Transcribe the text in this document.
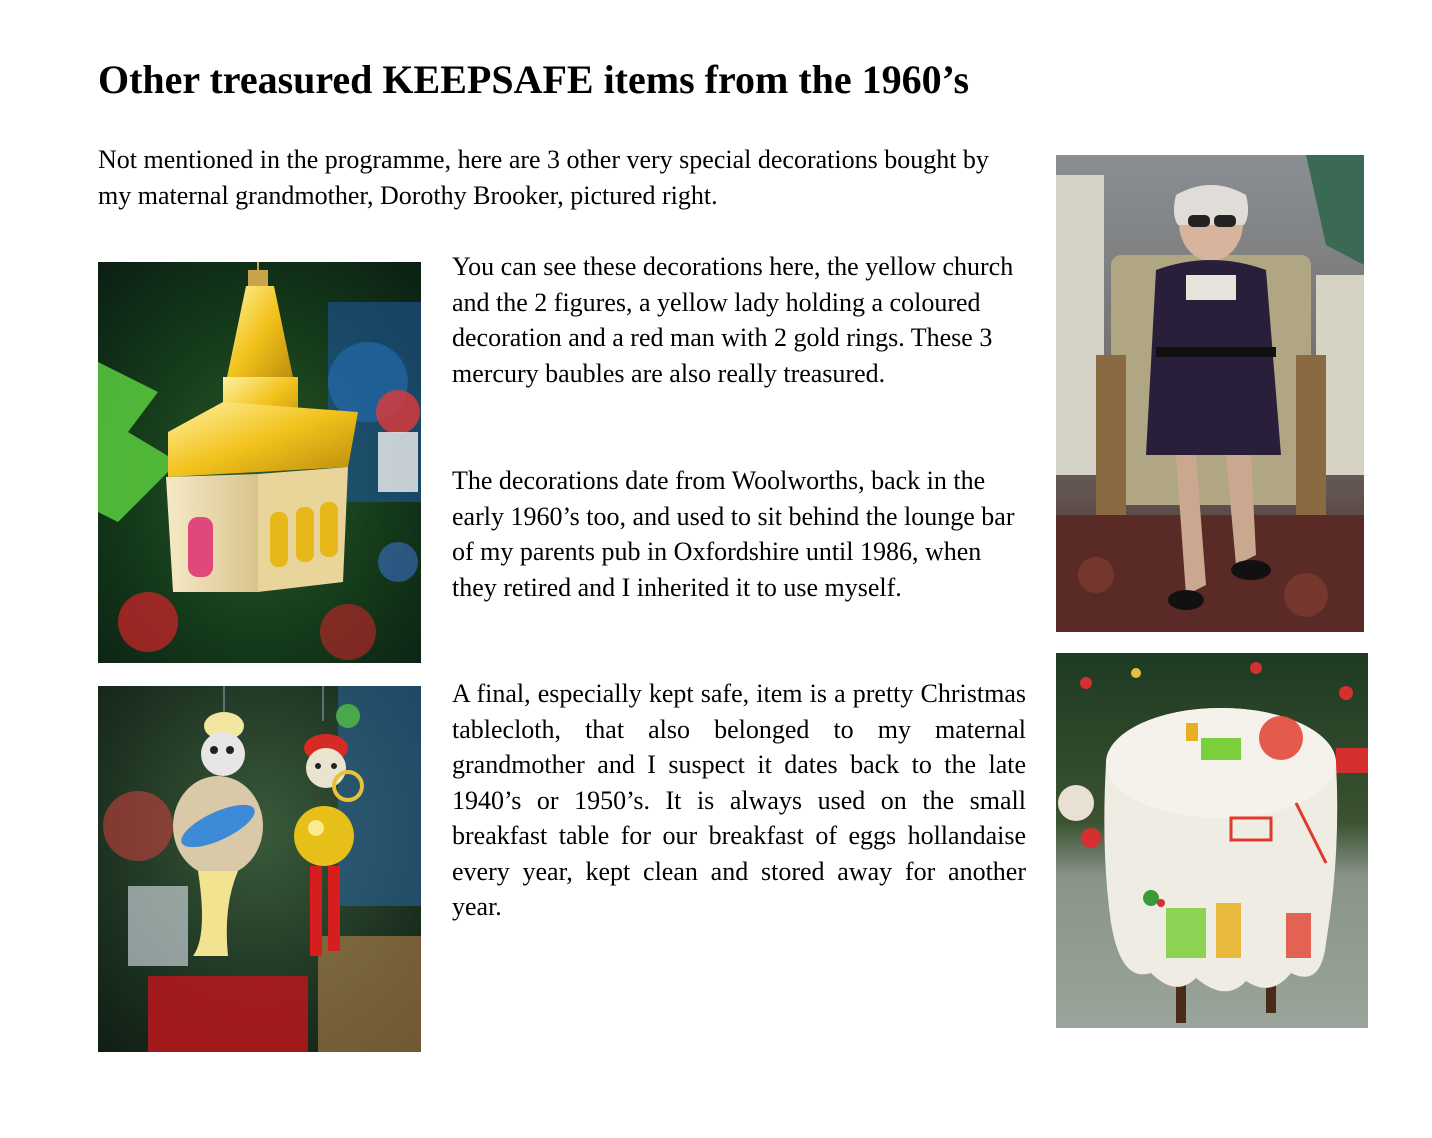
Other treasured KEEPSAFE items from the 1960’s

Not mentioned in the programme, here are 3 other very special decorations bought by my maternal grandmother, Dorothy Brooker, pictured right.

You can see these decorations here, the yellow church and the 2 figures, a yellow lady holding a coloured decoration and a red man with 2 gold rings. These 3 mercury baubles are also really treasured.

The decorations date from Woolworths, back in the early 1960’s too, and used to sit behind the lounge bar of my parents pub in Oxfordshire until 1986, when they retired and I inherited it to use myself.

A final, especially kept safe, item is a pretty Christmas tablecloth, that also belonged to my maternal grandmother and I suspect it dates back to the late 1940’s or 1950’s. It is always used on the small breakfast table for our breakfast of eggs hollandaise every year, kept clean and stored away for another year.
